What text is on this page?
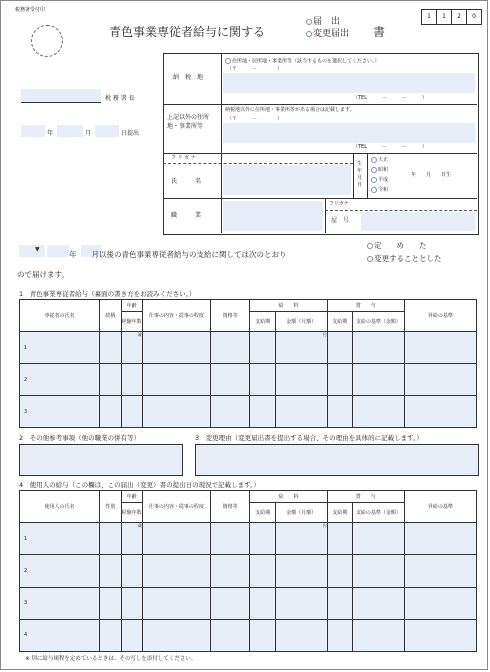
税務署受付印
1	1	2	0
青色事業専従者給与に関する
届　出
変更届出 書
税 務 署 長
年	月	日提出
納　税　地
住所地・居所地・事業所等（該当するものを選択してください。）
（〒　　　－　　　　）
（TEL　　　－　　　－　　　）
上記以外の住所地・事業所等
納税地以外に住所地・事業所等がある場合は記載します。
（〒　　　－　　　　）
（TEL　　　－　　　－　　　）
フ リ ガ ナ
氏　　　名
生年月日
大正
昭和
平成
令和
年　　月　　日生
職　　　業
フリガナ
屋　号
▼
年　　月以後の青色事業専従者給与の支給に関しては次のとおり
定　　め　　た
変更することとした
ので届けます。
1　青色事業専従者給与（裏面の書き方をお読みください。）
専従者の氏名	続柄	年齢	仕事の内容・従事の程度	資格等	給　　料		賞　　与		昇給の基準
		経験年数			支給期	金額（月額）	支給期	支給の基準（金額）	
1		歳				円			
2									
3									
2　その他参考事項（他の職業の併有等）	3　変更理由（変更届出書を提出する場合、その理由を具体的に記載します。）
4　使用人の給与（この欄は、この届出（変更）書の提出日の現況で記載します。）
使用人の氏名	性別	年齢	仕事の内容・従事の程度	資格等	給　　料		賞　　与		昇給の基準
		経験年数			支給期	金額（月額）	支給期	支給の基準（金額）	
1		歳				円			
2									
3									
4									
※ 別に給与規程を定めているときは、その写しを添付してください。
